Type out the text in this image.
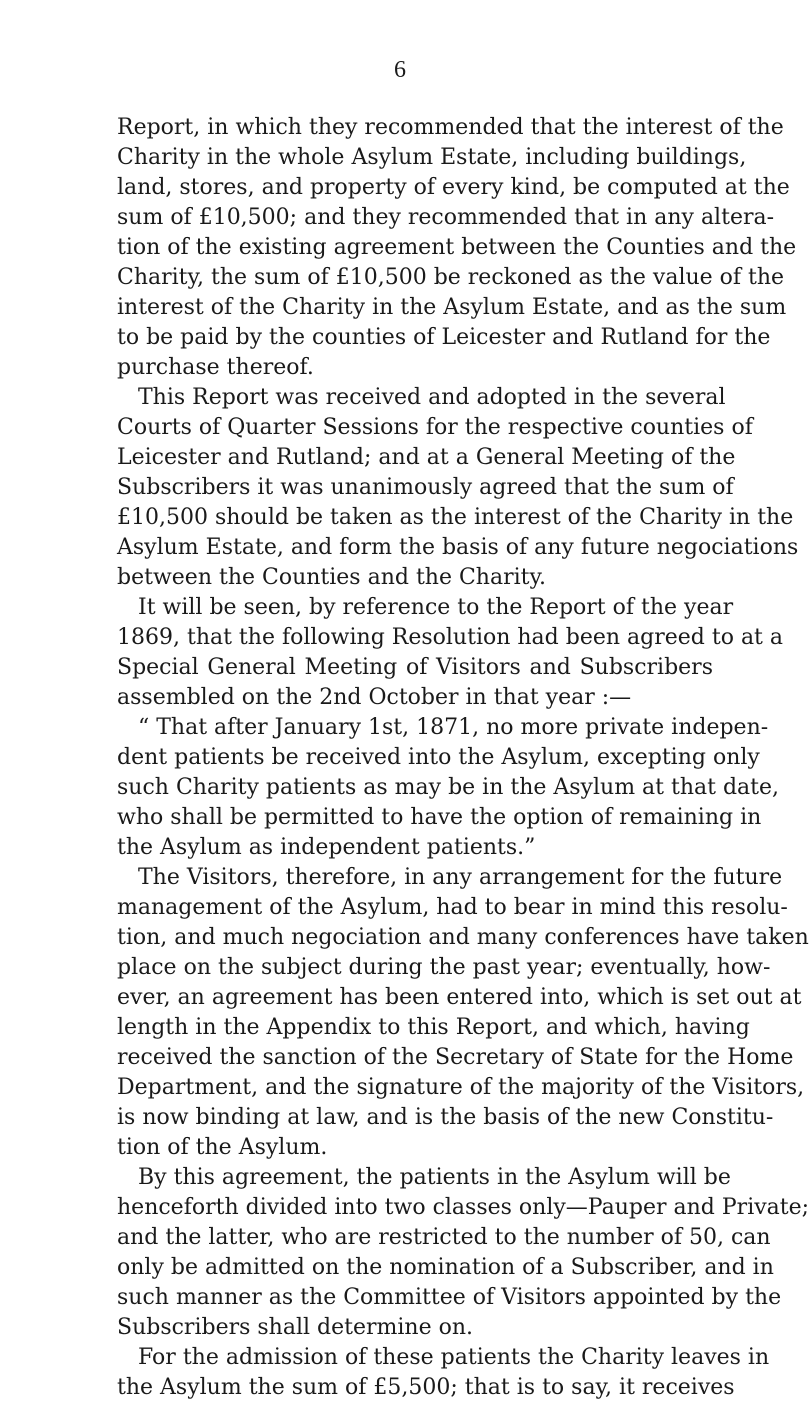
6
Report, in which they recommended that the interest of the
Charity in the whole Asylum Estate, including buildings,
land, stores, and property of every kind, be computed at the
sum of £10,500; and they recommended that in any altera-
tion of the existing agreement between the Counties and the
Charity, the sum of £10,500 be reckoned as the value of the
interest of the Charity in the Asylum Estate, and as the sum
to be paid by the counties of Leicester and Rutland for the
purchase thereof.
This Report was received and adopted in the several
Courts of Quarter Sessions for the respective counties of
Leicester and Rutland; and at a General Meeting of the
Subscribers it was unanimously agreed that the sum of
£10,500 should be taken as the interest of the Charity in the
Asylum Estate, and form the basis of any future negociations
between the Counties and the Charity.
It will be seen, by reference to the Report of the year
1869, that the following Resolution had been agreed to at a
Special General Meeting of Visitors and Subscribers
assembled on the 2nd October in that year :—
“ That after January 1st, 1871, no more private indepen-
dent patients be received into the Asylum, excepting only
such Charity patients as may be in the Asylum at that date,
who shall be permitted to have the option of remaining in
the Asylum as independent patients.”
The Visitors, therefore, in any arrangement for the future
management of the Asylum, had to bear in mind this resolu-
tion, and much negociation and many conferences have taken
place on the subject during the past year; eventually, how-
ever, an agreement has been entered into, which is set out at
length in the Appendix to this Report, and which, having
received the sanction of the Secretary of State for the Home
Department, and the signature of the majority of the Visitors,
is now binding at law, and is the basis of the new Constitu-
tion of the Asylum.
By this agreement, the patients in the Asylum will be
henceforth divided into two classes only—Pauper and Private;
and the latter, who are restricted to the number of 50, can
only be admitted on the nomination of a Subscriber, and in
such manner as the Committee of Visitors appointed by the
Subscribers shall determine on.
For the admission of these patients the Charity leaves in
the Asylum the sum of £5,500; that is to say, it receives
